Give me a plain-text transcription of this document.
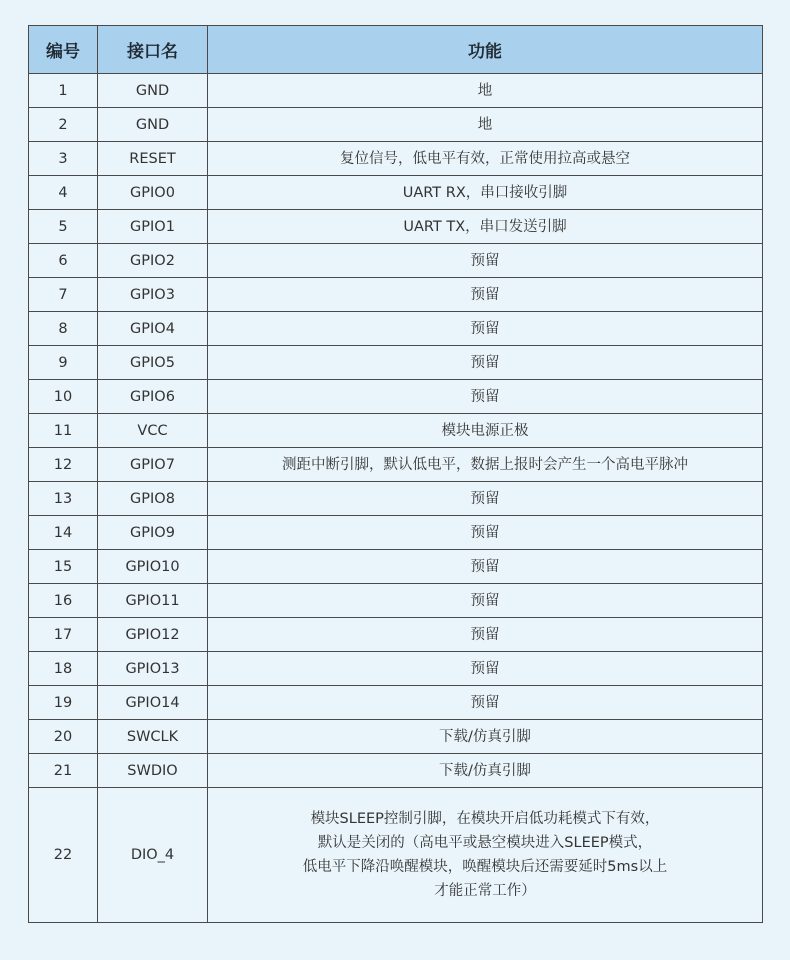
编号	接口名	功能
1	GND	地
2	GND	地
3	RESET	复位信号，低电平有效，正常使用拉高或悬空
4	GPIO0	UART RX，串口接收引脚
5	GPIO1	UART TX，串口发送引脚
6	GPIO2	预留
7	GPIO3	预留
8	GPIO4	预留
9	GPIO5	预留
10	GPIO6	预留
11	VCC	模块电源正极
12	GPIO7	测距中断引脚，默认低电平，数据上报时会产生一个高电平脉冲
13	GPIO8	预留
14	GPIO9	预留
15	GPIO10	预留
16	GPIO11	预留
17	GPIO12	预留
18	GPIO13	预留
19	GPIO14	预留
20	SWCLK	下载/仿真引脚
21	SWDIO	下载/仿真引脚
22	DIO_4	模块SLEEP控制引脚，在模块开启低功耗模式下有效，
默认是关闭的（高电平或悬空模块进入SLEEP模式，
低电平下降沿唤醒模块，唤醒模块后还需要延时5ms以上
才能正常工作）
